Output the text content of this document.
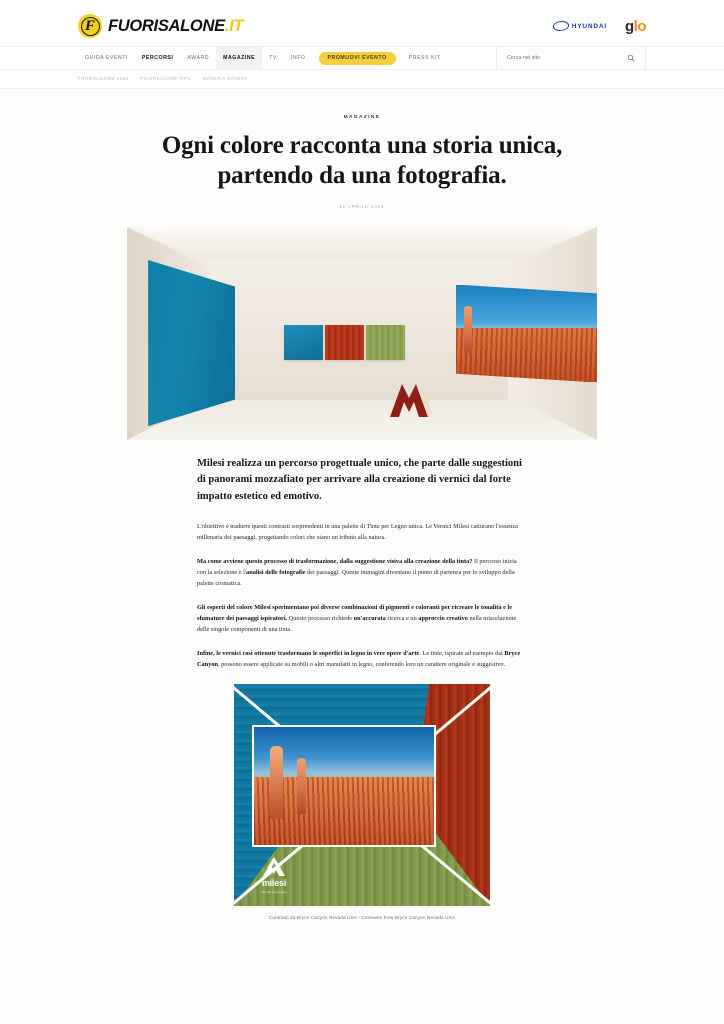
F FUORISALONE.IT	HYUNDAI glo
GUIDA EVENTI	PERCORSI	AWARD	MAGAZINE	TV	INFO	PROMUOVI EVENTO	PRESS KIT
Cerca nel sito
FUORISALONE 2024	FUORISALONE TIPS	MATERIA NATURA
MAGAZINE
Ogni colore racconta una storia unica, partendo da una fotografia.
11 APRILE 2024

Milesi realizza un percorso progettuale unico, che parte dalle suggestioni di panorami mozzafiato per arrivare alla creazione di vernici dal forte impatto estetico ed emotivo.

L'obiettivo è tradurre questi contrasti sorprendenti in una palette di Tinte per Legno unica. Le Vernici Milesi catturano l'essenza millenaria dei paesaggi, progettando colori che siano un tributo alla natura.

Ma come avviene questo processo di trasformazione, dalla suggestione visiva alla creazione della tinta? Il percorso inizia con la selezione e l'analisi delle fotografie dei paesaggi. Queste immagini diventano il punto di partenza per lo sviluppo della palette cromatica.

Gli esperti del colore Milesi sperimentano poi diverse combinazioni di pigmenti e coloranti per ricreare le tonalità e le sfumature dei paesaggi ispiratori. Questo processo richiede un'accurata ricerca e un approccio creativo nella miscelazione delle singole componenti di una tinta.

Infine, le vernici così ottenute trasformano le superfici in legno in vere opere d'arte. Le tinte, ispirate ad esempio dal Bryce Canyon, possono essere applicate su mobili o altri manufatti in legno, conferendo loro un carattere originale e suggestivo.

milesi
vernici per legno
Contrasti da Bryce Canyon Nevada USA - Contrasts from Bryce Canyon Nevada USA
